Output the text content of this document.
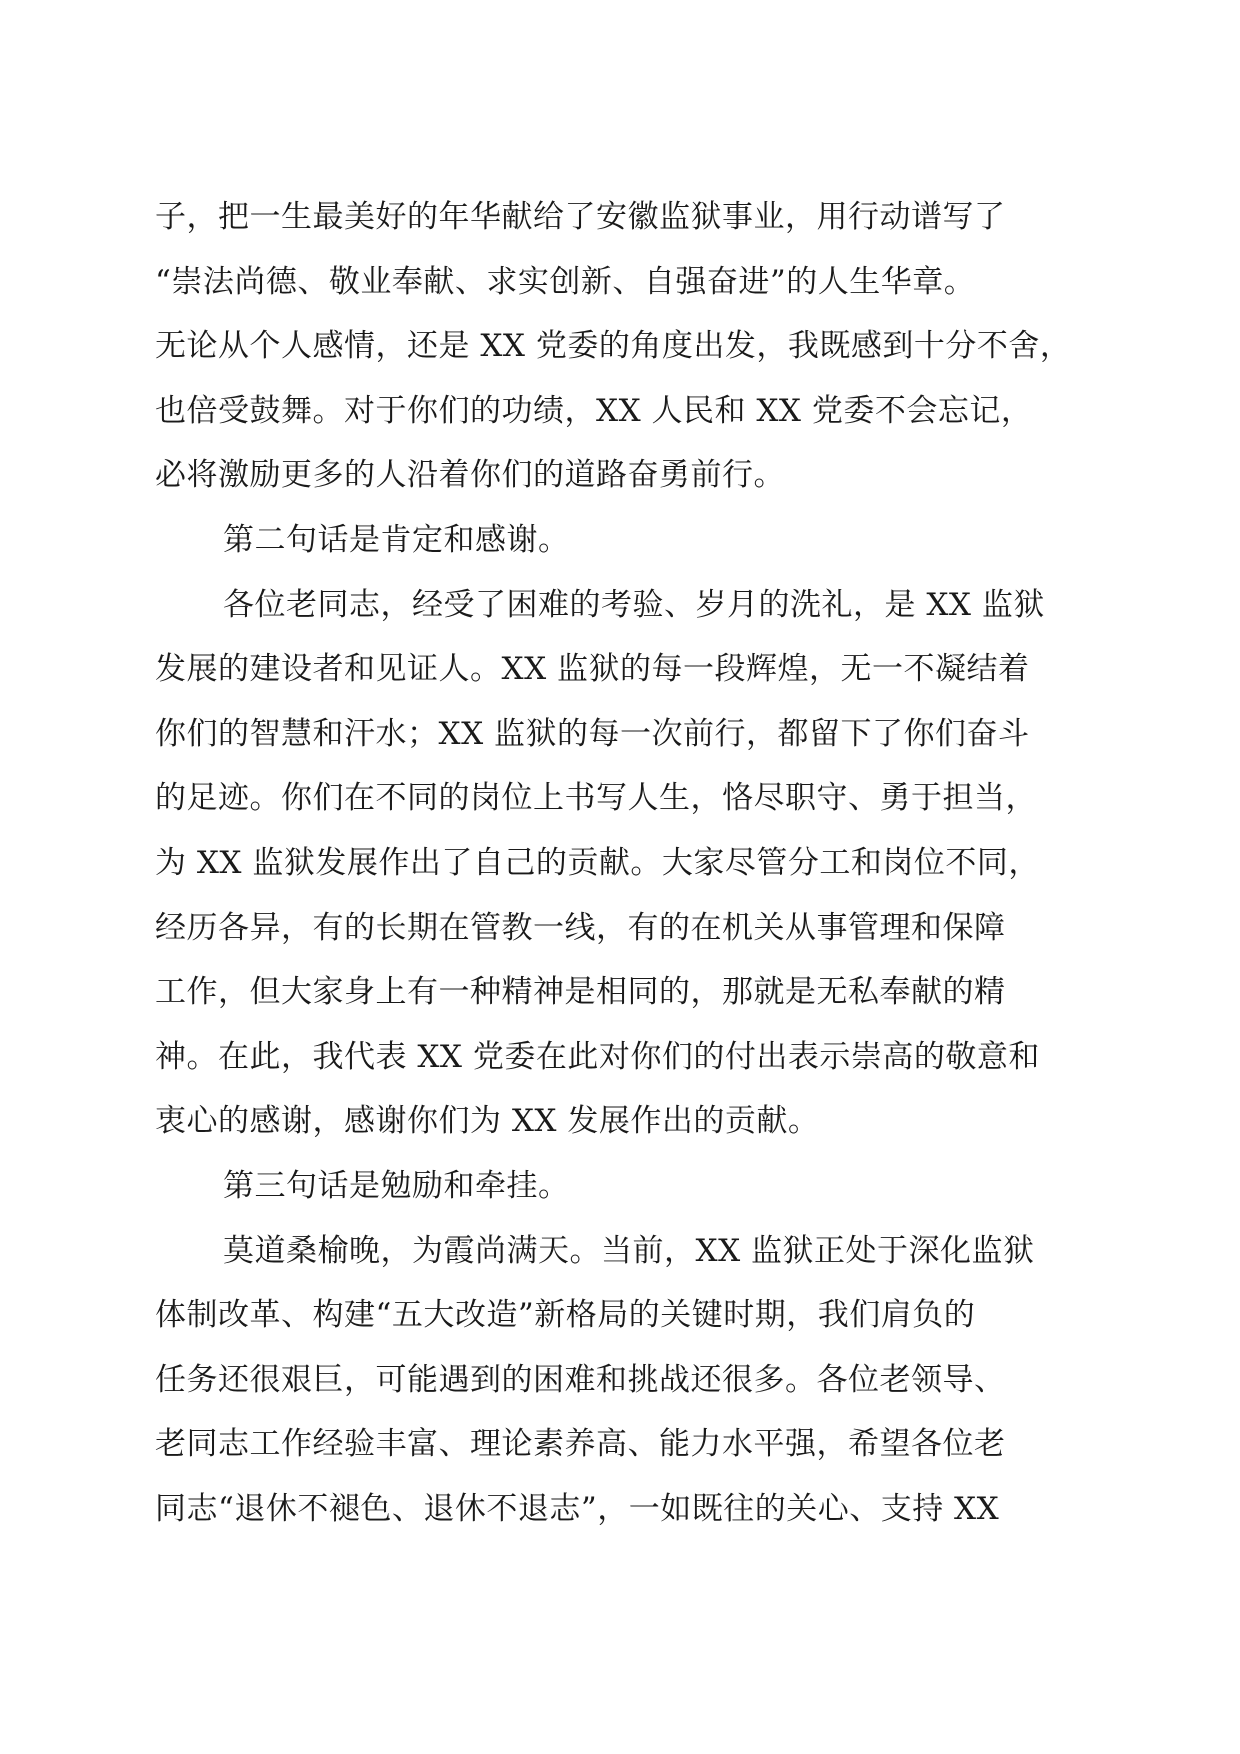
子，把一生最美好的年华献给了安徽监狱事业，用行动谱写了
“崇法尚德、敬业奉献、求实创新、自强奋进”的人生华章。
无论从个人感情，还是 XX 党委的角度出发，我既感到十分不舍，
也倍受鼓舞。对于你们的功绩，XX 人民和 XX 党委不会忘记，
必将激励更多的人沿着你们的道路奋勇前行。
第二句话是肯定和感谢。
各位老同志，经受了困难的考验、岁月的洗礼，是 XX 监狱
发展的建设者和见证人。XX 监狱的每一段辉煌，无一不凝结着
你们的智慧和汗水；XX 监狱的每一次前行，都留下了你们奋斗
的足迹。你们在不同的岗位上书写人生，恪尽职守、勇于担当，
为 XX 监狱发展作出了自己的贡献。大家尽管分工和岗位不同，
经历各异，有的长期在管教一线，有的在机关从事管理和保障
工作，但大家身上有一种精神是相同的，那就是无私奉献的精
神。在此，我代表 XX 党委在此对你们的付出表示崇高的敬意和
衷心的感谢，感谢你们为 XX 发展作出的贡献。
第三句话是勉励和牵挂。
莫道桑榆晚，为霞尚满天。当前，XX 监狱正处于深化监狱
体制改革、构建“五大改造”新格局的关键时期，我们肩负的
任务还很艰巨，可能遇到的困难和挑战还很多。各位老领导、
老同志工作经验丰富、理论素养高、能力水平强，希望各位老
同志“退休不褪色、退休不退志”，一如既往的关心、支持 XX
